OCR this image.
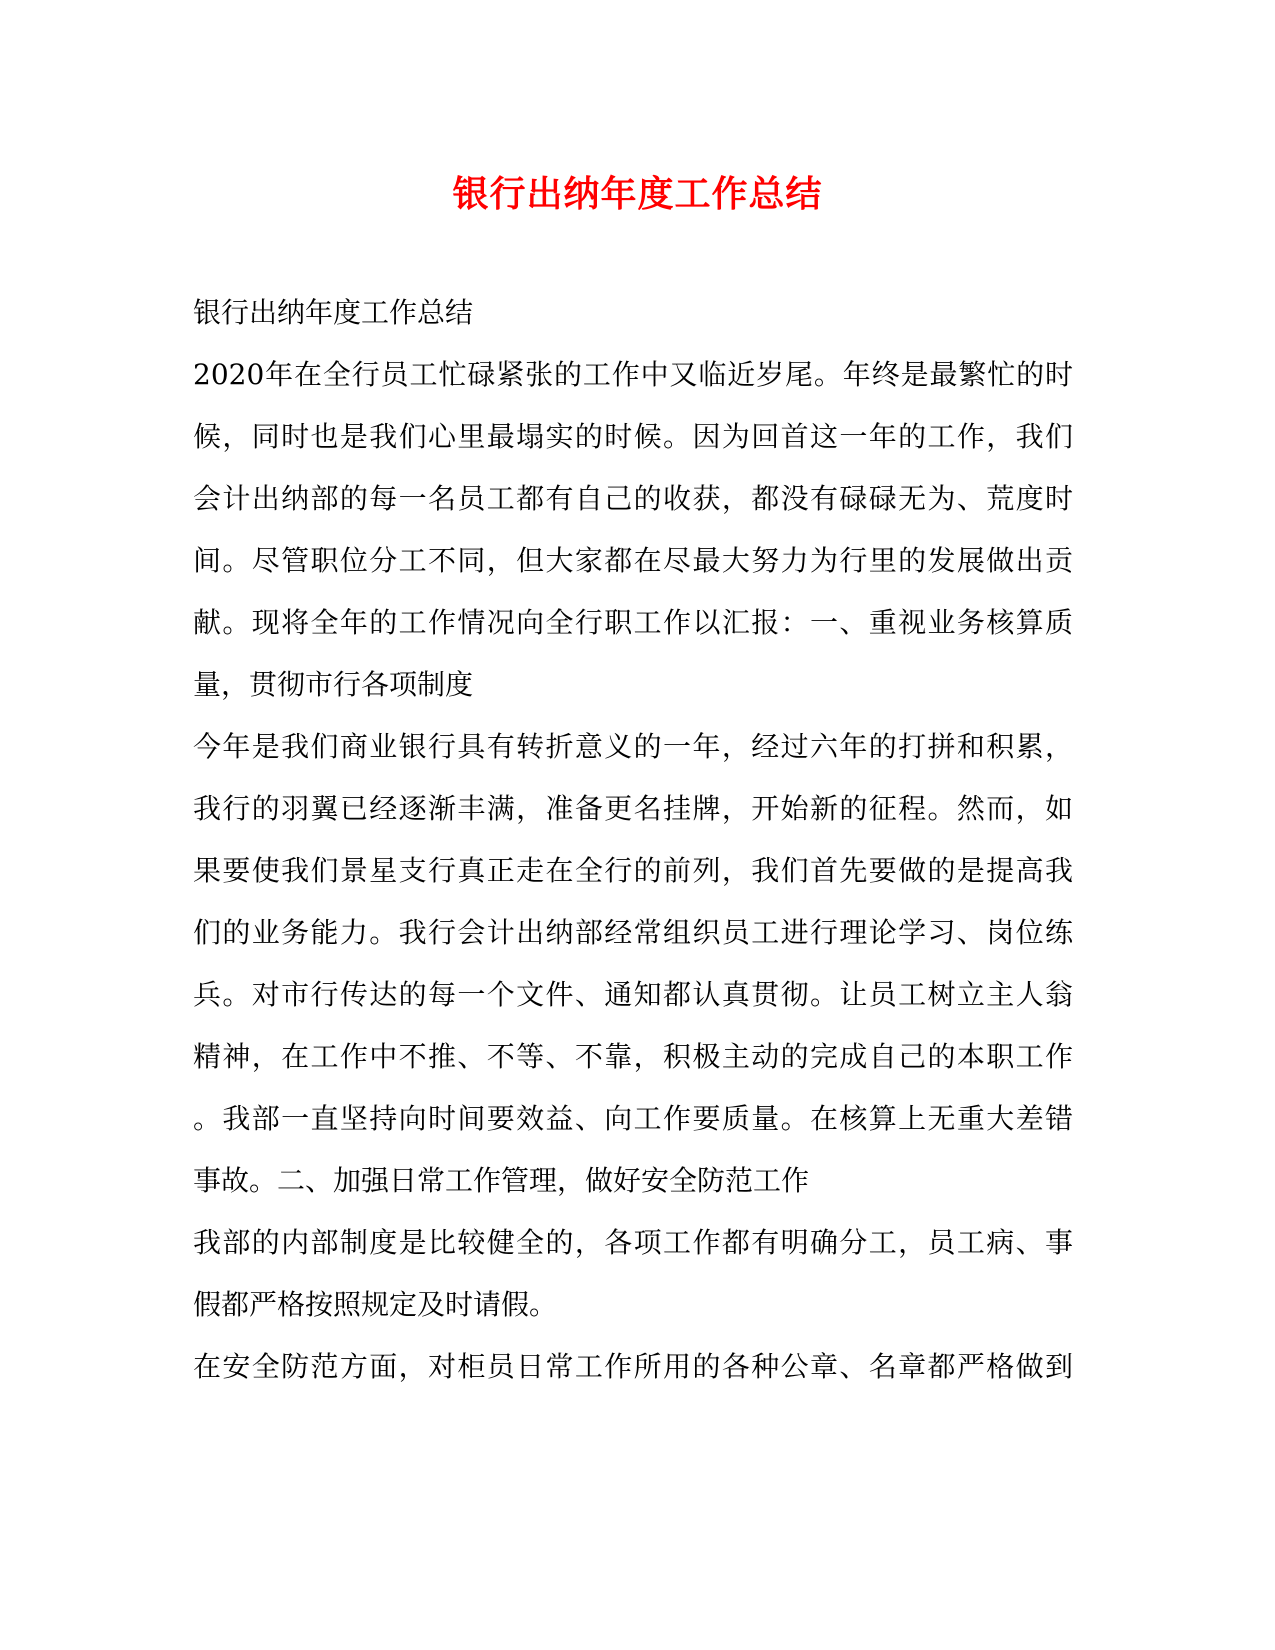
银行出纳年度工作总结
银行出纳年度工作总结
2020年在全行员工忙碌紧张的工作中又临近岁尾。年终是最繁忙的时
候，同时也是我们心里最塌实的时候。因为回首这一年的工作，我们
会计出纳部的每一名员工都有自己的收获，都没有碌碌无为、荒度时
间。尽管职位分工不同，但大家都在尽最大努力为行里的发展做出贡
献。现将全年的工作情况向全行职工作以汇报：一、重视业务核算质
量，贯彻市行各项制度
今年是我们商业银行具有转折意义的一年，经过六年的打拼和积累，
我行的羽翼已经逐渐丰满，准备更名挂牌，开始新的征程。然而，如
果要使我们景星支行真正走在全行的前列，我们首先要做的是提高我
们的业务能力。我行会计出纳部经常组织员工进行理论学习、岗位练
兵。对市行传达的每一个文件、通知都认真贯彻。让员工树立主人翁
精神，在工作中不推、不等、不靠，积极主动的完成自己的本职工作
。我部一直坚持向时间要效益、向工作要质量。在核算上无重大差错
事故。二、加强日常工作管理，做好安全防范工作
我部的内部制度是比较健全的，各项工作都有明确分工，员工病、事
假都严格按照规定及时请假。
在安全防范方面，对柜员日常工作所用的各种公章、名章都严格做到
